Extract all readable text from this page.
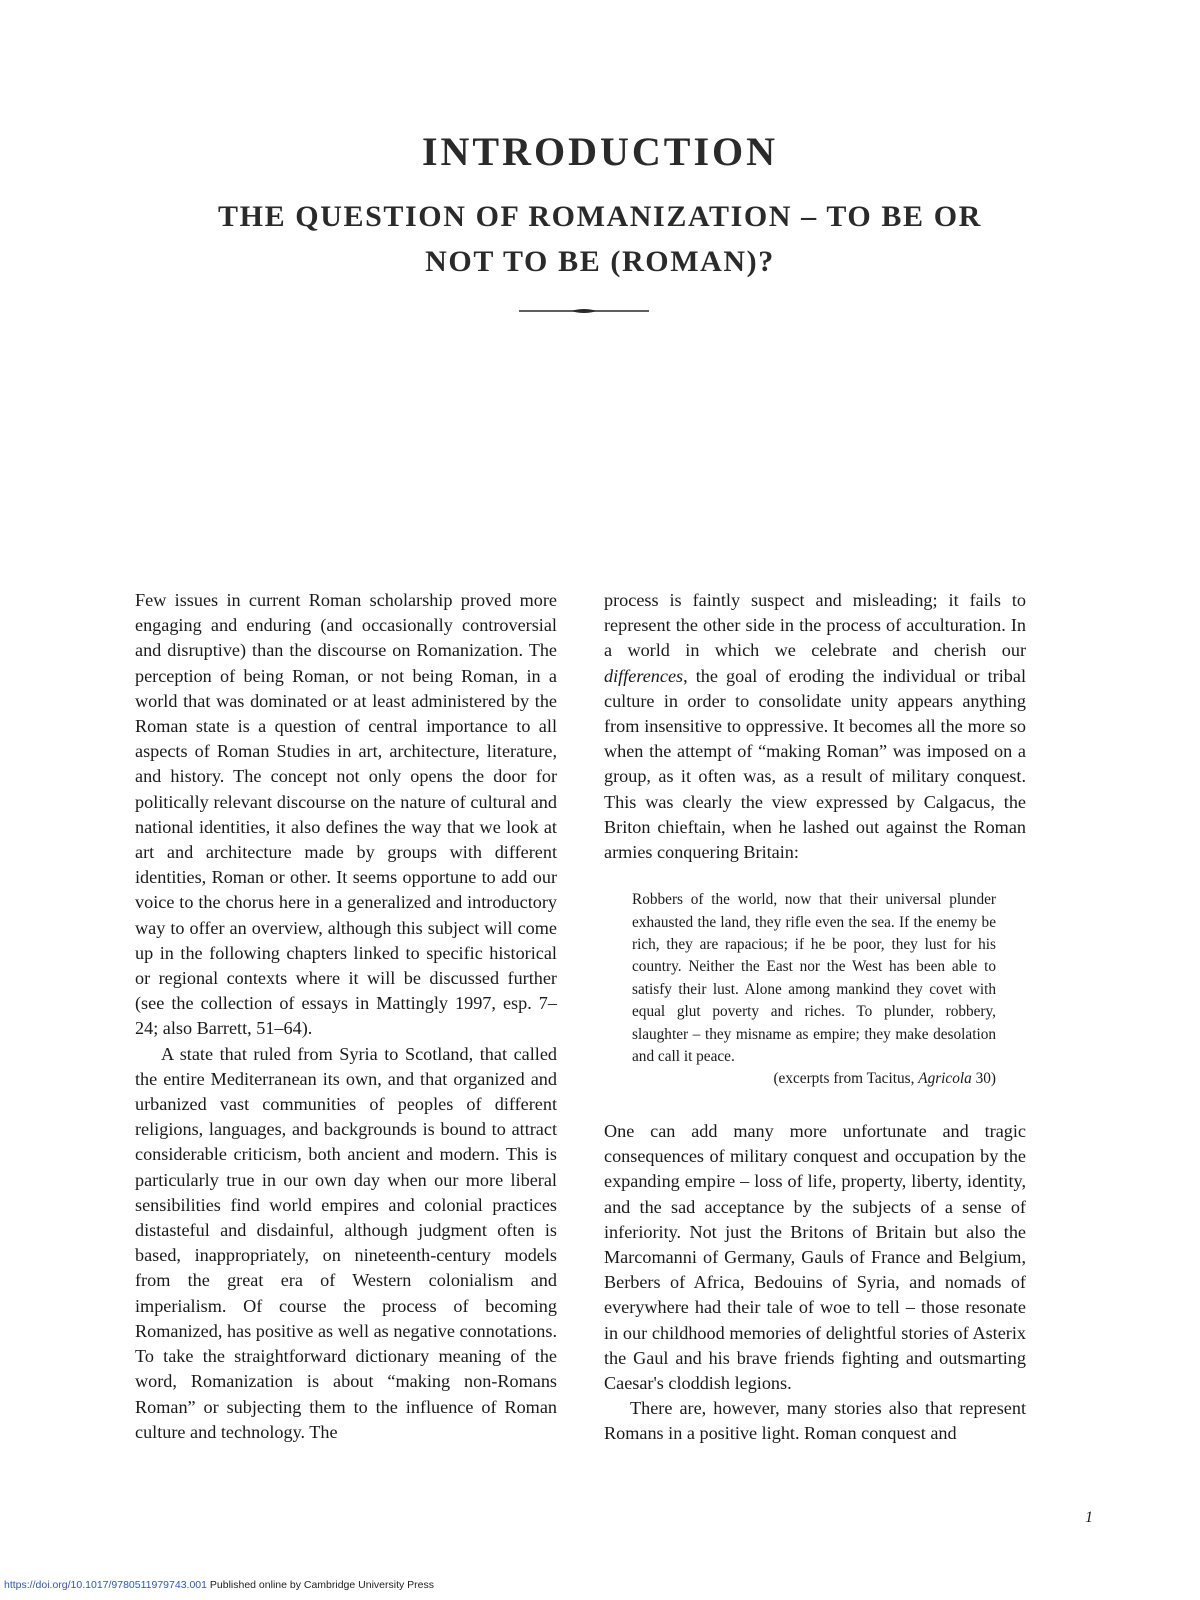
INTRODUCTION
THE QUESTION OF ROMANIZATION – TO BE OR
NOT TO BE (ROMAN)?

Few issues in current Roman scholarship proved more engaging and enduring (and occasionally controversial and disruptive) than the discourse on Romanization. The perception of being Roman, or not being Roman, in a world that was dominated or at least administered by the Roman state is a question of central importance to all aspects of Roman Studies in art, architecture, literature, and history. The concept not only opens the door for politically relevant discourse on the nature of cultural and national identities, it also defines the way that we look at art and architecture made by groups with different identities, Roman or other. It seems opportune to add our voice to the chorus here in a generalized and introductory way to offer an overview, although this subject will come up in the following chapters linked to specific historical or regional contexts where it will be discussed further (see the collection of essays in Mattingly 1997, esp. 7–24; also Barrett, 51–64).

A state that ruled from Syria to Scotland, that called the entire Mediterranean its own, and that organized and urbanized vast communities of peoples of different religions, languages, and backgrounds is bound to attract considerable criticism, both ancient and modern. This is particularly true in our own day when our more liberal sensibilities find world empires and colonial practices distasteful and disdainful, although judgment often is based, inappropriately, on nineteenth-century models from the great era of Western colonialism and imperialism. Of course the process of becoming Romanized, has positive as well as negative connotations. To take the straightforward dictionary meaning of the word, Romanization is about “making non-Romans Roman” or subjecting them to the influence of Roman culture and technology. The

process is faintly suspect and misleading; it fails to represent the other side in the process of acculturation. In a world in which we celebrate and cherish our differences, the goal of eroding the individual or tribal culture in order to consolidate unity appears anything from insensitive to oppressive. It becomes all the more so when the attempt of “making Roman” was imposed on a group, as it often was, as a result of military conquest. This was clearly the view expressed by Calgacus, the Briton chieftain, when he lashed out against the Roman armies conquering Britain:

Robbers of the world, now that their universal plunder exhausted the land, they rifle even the sea. If the enemy be rich, they are rapacious; if he be poor, they lust for his country. Neither the East nor the West has been able to satisfy their lust. Alone among mankind they covet with equal glut poverty and riches. To plunder, robbery, slaughter – they misname as empire; they make desolation and call it peace.
(excerpts from Tacitus, Agricola 30)

One can add many more unfortunate and tragic consequences of military conquest and occupation by the expanding empire – loss of life, property, liberty, identity, and the sad acceptance by the subjects of a sense of inferiority. Not just the Britons of Britain but also the Marcomanni of Germany, Gauls of France and Belgium, Berbers of Africa, Bedouins of Syria, and nomads of everywhere had their tale of woe to tell – those resonate in our childhood memories of delightful stories of Asterix the Gaul and his brave friends fighting and outsmarting Caesar's cloddish legions.

There are, however, many stories also that represent Romans in a positive light. Roman conquest and

1
https://doi.org/10.1017/9780511979743.001 Published online by Cambridge University Press
